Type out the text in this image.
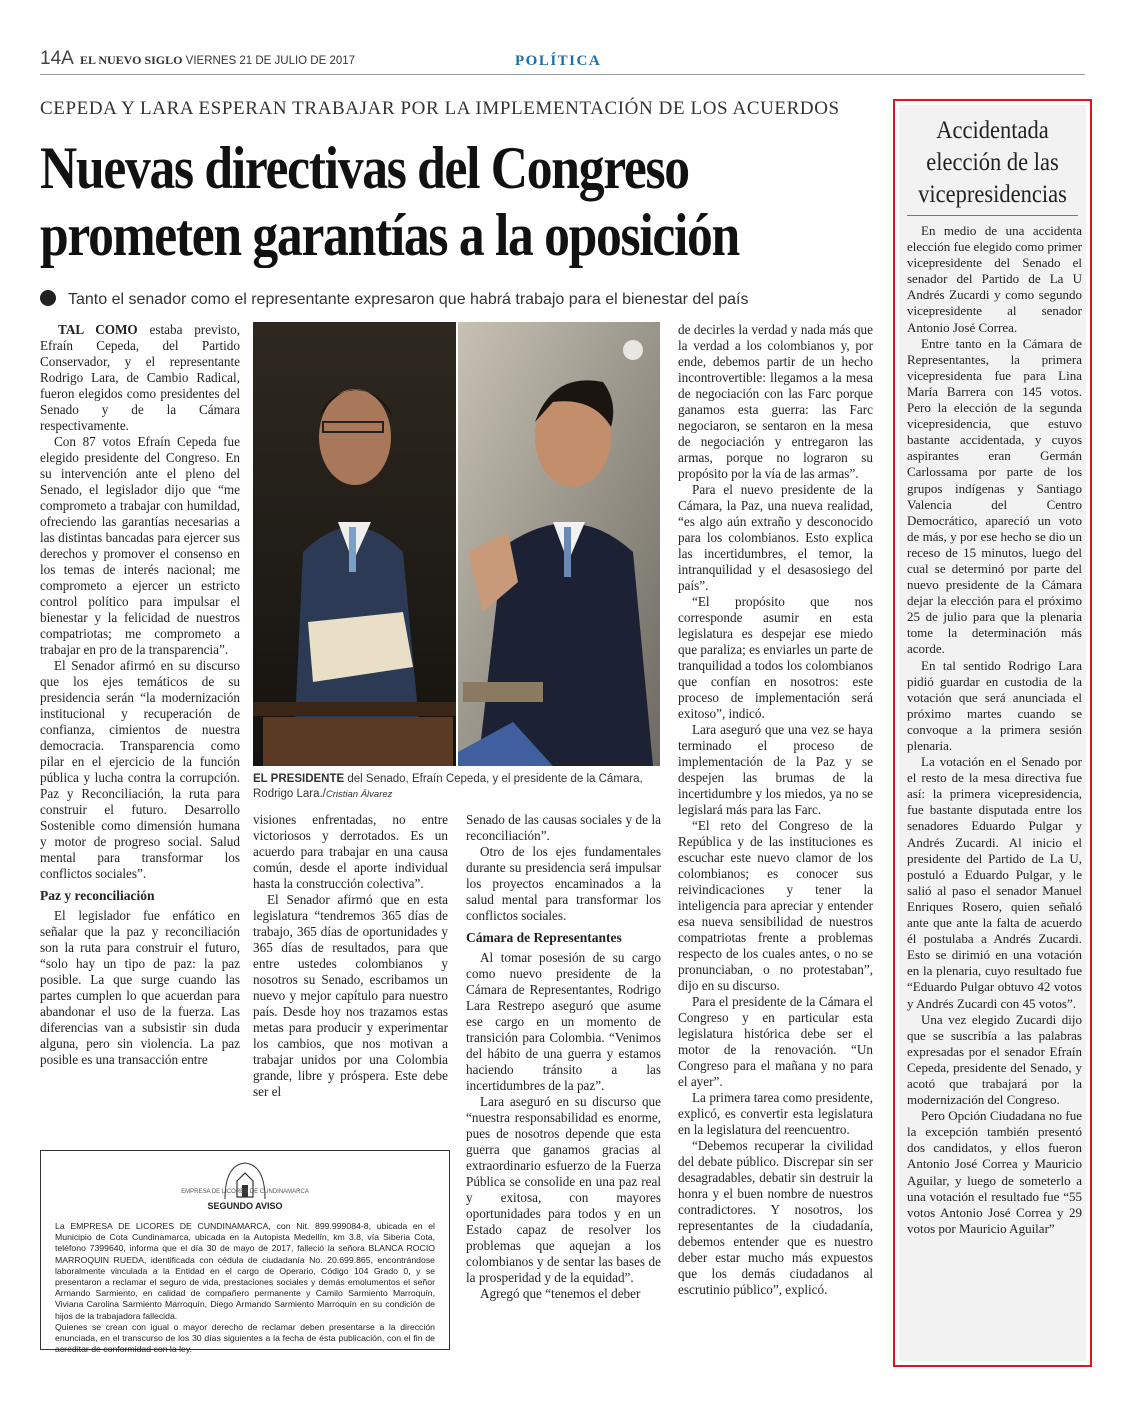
14A EL NUEVO SIGLO VIERNES 21 DE JULIO DE 2017	POLÍTICA
CEPEDA Y LARA ESPERAN TRABAJAR POR LA IMPLEMENTACIÓN DE LOS ACUERDOS
Nuevas directivas del Congreso
prometen garantías a la oposición
Tanto el senador como el representante expresaron que habrá trabajo para el bienestar del país

TAL COMO estaba previsto, Efraín Cepeda, del Partido Conservador, y el representante Rodrigo Lara, de Cambio Radical, fueron elegidos como presidentes del Senado y de la Cámara respectivamente.

Con 87 votos Efraín Cepeda fue elegido presidente del Congreso. En su intervención ante el pleno del Senado, el legislador dijo que “me comprometo a trabajar con humildad, ofreciendo las garantías necesarias a las distintas bancadas para ejercer sus derechos y promover el consenso en los temas de interés nacional; me comprometo a ejercer un estricto control político para impulsar el bienestar y la felicidad de nuestros compatriotas; me comprometo a trabajar en pro de la transparencia”.

El Senador afirmó en su discurso que los ejes temáticos de su presidencia serán “la modernización institucional y recuperación de confianza, cimientos de nuestra democracia. Transparencia como pilar en el ejercicio de la función pública y lucha contra la corrupción. Paz y Reconciliación, la ruta para construir el futuro. Desarrollo Sostenible como dimensión humana y motor de progreso social. Salud mental para transformar los conflictos sociales”.

Paz y reconciliación

El legislador fue enfático en señalar que la paz y reconciliación son la ruta para construir el futuro, “solo hay un tipo de paz: la paz posible. La que surge cuando las partes cumplen lo que acuerdan para abandonar el uso de la fuerza. Las diferencias van a subsistir sin duda alguna, pero sin violencia. La paz posible es una transacción entre

EL PRESIDENTE del Senado, Efraín Cepeda, y el presidente de la Cámara, Rodrigo Lara./Cristian Álvarez

visiones enfrentadas, no entre victoriosos y derrotados. Es un acuerdo para trabajar en una causa común, desde el aporte individual hasta la construcción colectiva”.

El Senador afirmó que en esta legislatura “tendremos 365 días de trabajo, 365 días de oportunidades y 365 días de resultados, para que entre ustedes colombianos y nosotros su Senado, escribamos un nuevo y mejor capítulo para nuestro país. Desde hoy nos trazamos estas metas para producir y experimentar los cambios, que nos motivan a trabajar unidos por una Colombia grande, libre y próspera. Este debe ser el

Senado de las causas sociales y de la reconciliación”.

Otro de los ejes fundamentales durante su presidencia será impulsar los proyectos encaminados a la salud mental para transformar los conflictos sociales.

Cámara de Representantes

Al tomar posesión de su cargo como nuevo presidente de la Cámara de Representantes, Rodrigo Lara Restrepo aseguró que asume ese cargo en un momento de transición para Colombia. “Venimos del hábito de una guerra y estamos haciendo tránsito a las incertidumbres de la paz”.

Lara aseguró en su discurso que “nuestra responsabilidad es enorme, pues de nosotros depende que esta guerra que ganamos gracias al extraordinario esfuerzo de la Fuerza Pública se consolide en una paz real y exitosa, con mayores oportunidades para todos y en un Estado capaz de resolver los problemas que aquejan a los colombianos y de sentar las bases de la prosperidad y de la equidad”.

Agregó que “tenemos el deber

de decirles la verdad y nada más que la verdad a los colombianos y, por ende, debemos partir de un hecho incontrovertible: llegamos a la mesa de negociación con las Farc porque ganamos esta guerra: las Farc negociaron, se sentaron en la mesa de negociación y entregaron las armas, porque no lograron su propósito por la vía de las armas”.

Para el nuevo presidente de la Cámara, la Paz, una nueva realidad, “es algo aún extraño y desconocido para los colombianos. Esto explica las incertidumbres, el temor, la intranquilidad y el desasosiego del país”.

“El propósito que nos corresponde asumir en esta legislatura es despejar ese miedo que paraliza; es enviarles un parte de tranquilidad a todos los colombianos que confían en nosotros: este proceso de implementación será exitoso”, indicó.

Lara aseguró que una vez se haya terminado el proceso de implementación de la Paz y se despejen las brumas de la incertidumbre y los miedos, ya no se legislará más para las Farc.

“El reto del Congreso de la República y de las instituciones es escuchar este nuevo clamor de los colombianos; es conocer sus reivindicaciones y tener la inteligencia para apreciar y entender esa nueva sensibilidad de nuestros compatriotas frente a problemas respecto de los cuales antes, o no se pronunciaban, o no protestaban”, dijo en su discurso.

Para el presidente de la Cámara el Congreso y en particular esta legislatura histórica debe ser el motor de la renovación. “Un Congreso para el mañana y no para el ayer”.

La primera tarea como presidente, explicó, es convertir esta legislatura en la legislatura del reencuentro.

“Debemos recuperar la civilidad del debate público. Discrepar sin ser desagradables, debatir sin destruir la honra y el buen nombre de nuestros contradictores. Y nosotros, los representantes de la ciudadanía, debemos entender que es nuestro deber estar mucho más expuestos que los demás ciudadanos al escrutinio público”, explicó.

EMPRESA DE LICORES DE CUNDINAMARCA
SEGUNDO AVISO
La EMPRESA DE LICORES DE CUNDINAMARCA, con Nit. 899.999084-8, ubicada en el Municipio de Cota Cundinamarca, ubicada en la Autopista Medellín, km 3.8, vía Siberia Cota, teléfono 7399640, informa que el día 30 de mayo de 2017, falleció la señora BLANCA ROCIO MARROQUIN RUEDA, identificada con cédula de ciudadanía No. 20.699.865, encontrándose laboralmente vinculada a la Entidad en el cargo de Operario, Código 104 Grado 0, y se presentaron a reclamar el seguro de vida, prestaciones sociales y demás emolumentos el señor Armando Sarmiento, en calidad de compañero permanente y Camilo Sarmiento Marroquín, Viviana Carolina Sarmiento Marroquín, Diego Armando Sarmiento Marroquín en su condición de hijos de la trabajadora fallecida.
Quienes se crean con igual o mayor derecho de reclamar deben presentarse a la dirección enunciada, en el transcurso de los 30 días siguientes a la fecha de ésta publicación, con el fin de acreditar de conformidad con la ley.
Accidentada
elección de las
vicepresidencias

En medio de una accidenta elección fue elegido como primer vicepresidente del Senado el senador del Partido de La U Andrés Zucardi y como segundo vicepresidente al senador Antonio José Correa.

Entre tanto en la Cámara de Representantes, la primera vicepresidenta fue para Lina María Barrera con 145 votos. Pero la elección de la segunda vicepresidencia, que estuvo bastante accidentada, y cuyos aspirantes eran Germán Carlossama por parte de los grupos indígenas y Santiago Valencia del Centro Democrático, apareció un voto de más, y por ese hecho se dio un receso de 15 minutos, luego del cual se determinó por parte del nuevo presidente de la Cámara dejar la elección para el próximo 25 de julio para que la plenaria tome la determinación más acorde.

En tal sentido Rodrigo Lara pidió guardar en custodia de la votación que será anunciada el próximo martes cuando se convoque a la primera sesión plenaria.

La votación en el Senado por el resto de la mesa directiva fue así: la primera vicepresidencia, fue bastante disputada entre los senadores Eduardo Pulgar y Andrés Zucardi. Al inicio el presidente del Partido de La U, postuló a Eduardo Pulgar, y le salió al paso el senador Manuel Enriques Rosero, quien señaló ante que ante la falta de acuerdo él postulaba a Andrés Zucardi. Esto se dirimió en una votación en la plenaria, cuyo resultado fue “Eduardo Pulgar obtuvo 42 votos y Andrés Zucardi con 45 votos”.

Una vez elegido Zucardi dijo que se suscribía a las palabras expresadas por el senador Efraín Cepeda, presidente del Senado, y acotó que trabajará por la modernización del Congreso.

Pero Opción Ciudadana no fue la excepción también presentó dos candidatos, y ellos fueron Antonio José Correa y Mauricio Aguilar, y luego de someterlo a una votación el resultado fue “55 votos Antonio José Correa y 29 votos por Mauricio Aguilar”
